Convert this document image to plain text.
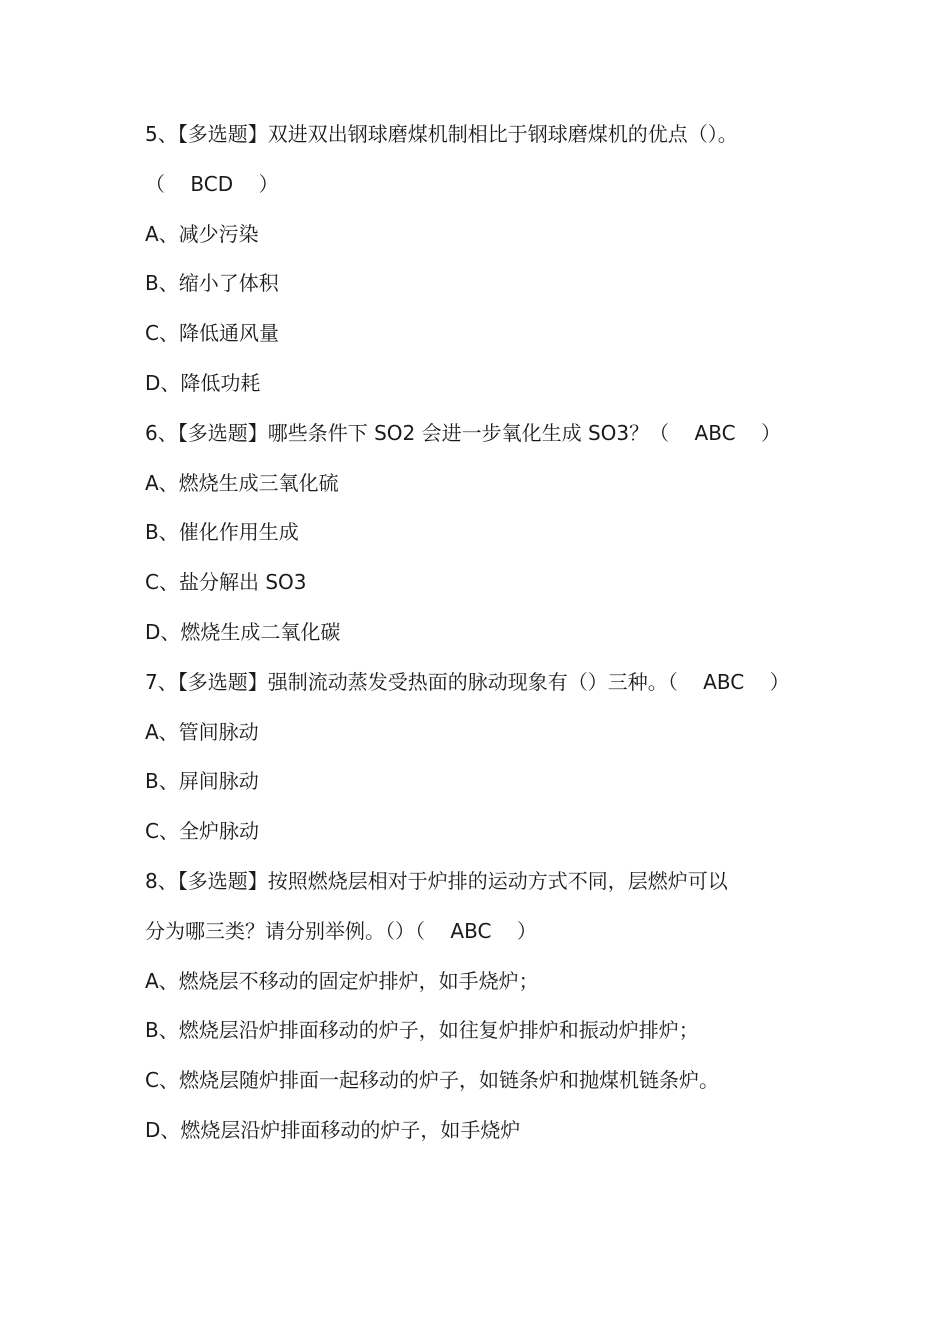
5、【多选题】双进双出钢球磨煤机制相比于钢球磨煤机的优点（）。
（    BCD    ）
A、减少污染
B、缩小了体积
C、降低通风量
D、降低功耗
6、【多选题】哪些条件下 SO2 会进一步氧化生成 SO3？（    ABC    ）
A、燃烧生成三氧化硫
B、催化作用生成
C、盐分解出 SO3
D、燃烧生成二氧化碳
7、【多选题】强制流动蒸发受热面的脉动现象有（）三种。（    ABC    ）
A、管间脉动
B、屏间脉动
C、全炉脉动
8、【多选题】按照燃烧层相对于炉排的运动方式不同，层燃炉可以
分为哪三类？请分别举例。（）（    ABC    ）
A、燃烧层不移动的固定炉排炉，如手烧炉；
B、燃烧层沿炉排面移动的炉子，如往复炉排炉和振动炉排炉；
C、燃烧层随炉排面一起移动的炉子，如链条炉和抛煤机链条炉。
D、燃烧层沿炉排面移动的炉子，如手烧炉
